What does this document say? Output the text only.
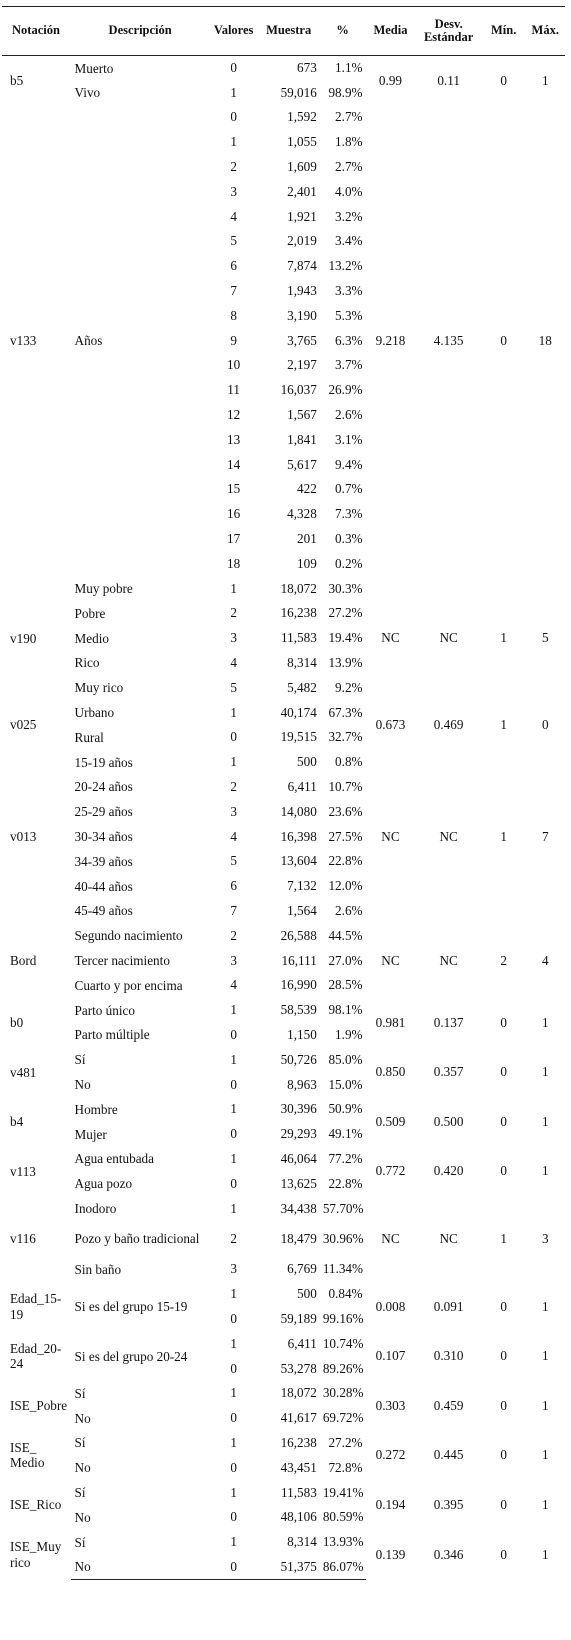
Notación	Descripción	Valores	Muestra	%	Media	Desv. Estándar	Mín.	Máx.
b5	Muerto	0	673	1.1%	0.99	0.11	0	1
	Vivo	1	59,016	98.9%				
v133	Años	0	1,592	2.7%	9.218	4.135	0	18
		1	1,055	1.8%				
		2	1,609	2.7%				
		3	2,401	4.0%				
		4	1,921	3.2%				
		5	2,019	3.4%				
		6	7,874	13.2%				
		7	1,943	3.3%				
		8	3,190	5.3%				
		9	3,765	6.3%				
		10	2,197	3.7%				
		11	16,037	26.9%				
		12	1,567	2.6%				
		13	1,841	3.1%				
		14	5,617	9.4%				
		15	422	0.7%				
		16	4,328	7.3%				
		17	201	0.3%				
		18	109	0.2%				
v190	Muy pobre	1	18,072	30.3%	NC	NC	1	5
	Pobre	2	16,238	27.2%				
	Medio	3	11,583	19.4%				
	Rico	4	8,314	13.9%				
	Muy rico	5	5,482	9.2%				
v025	Urbano	1	40,174	67.3%	0.673	0.469	1	0
	Rural	0	19,515	32.7%				
v013	15-19 años	1	500	0.8%	NC	NC	1	7
	20-24 años	2	6,411	10.7%				
	25-29 años	3	14,080	23.6%				
	30-34 años	4	16,398	27.5%				
	34-39 años	5	13,604	22.8%				
	40-44 años	6	7,132	12.0%				
	45-49 años	7	1,564	2.6%				
Bord	Segundo nacimiento	2	26,588	44.5%	NC	NC	2	4
	Tercer nacimiento	3	16,111	27.0%				
	Cuarto y por encima	4	16,990	28.5%				
b0	Parto único	1	58,539	98.1%	0.981	0.137	0	1
	Parto múltiple	0	1,150	1.9%				
v481	Sí	1	50,726	85.0%	0.850	0.357	0	1
	No	0	8,963	15.0%				
b4	Hombre	1	30,396	50.9%	0.509	0.500	0	1
	Mujer	0	29,293	49.1%				
v113	Agua entubada	1	46,064	77.2%	0.772	0.420	0	1
	Agua pozo	0	13,625	22.8%				
v116	Inodoro	1	34,438	57.70%	NC	NC	1	3
	Pozo y baño tradicional	2	18,479	30.96%				
	Sin baño	3	6,769	11.34%				
Edad_15-19	Si es del grupo 15-19	1	500	0.84%	0.008	0.091	0	1
		0	59,189	99.16%				
Edad_20-24	Si es del grupo 20-24	1	6,411	10.74%	0.107	0.310	0	1
		0	53,278	89.26%				
ISE_Pobre	Sí	1	18,072	30.28%	0.303	0.459	0	1
	No	0	41,617	69.72%				
ISE_ Medio	Sí	1	16,238	27.2%	0.272	0.445	0	1
	No	0	43,451	72.8%				
ISE_Rico	Sí	1	11,583	19.41%	0.194	0.395	0	1
	No	0	48,106	80.59%				
ISE_Muy rico	Sí	1	8,314	13.93%	0.139	0.346	0	1
	No	0	51,375	86.07%				
